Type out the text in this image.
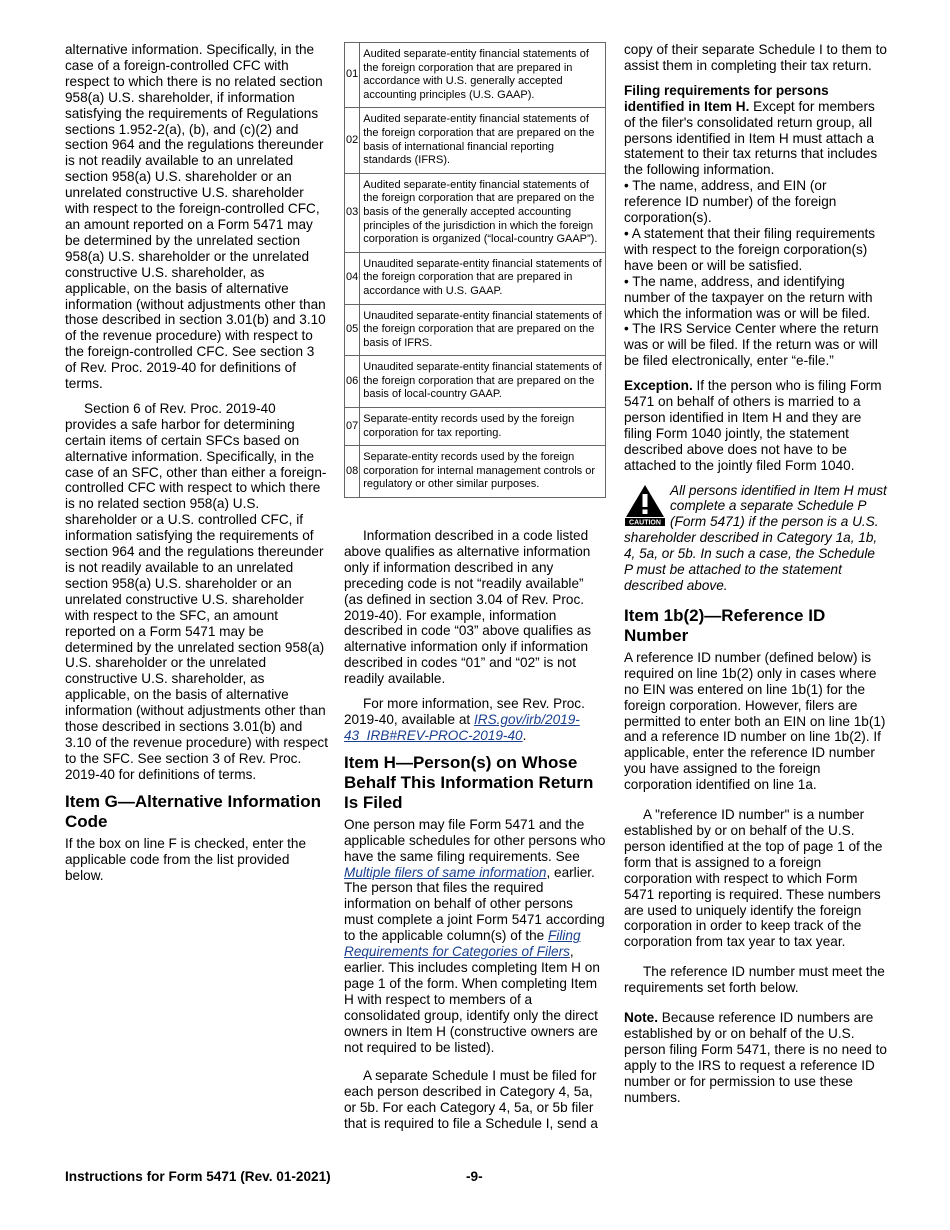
alternative information. Specifically, in the case of a foreign-controlled CFC with respect to which there is no related section 958(a) U.S. shareholder, if information satisfying the requirements of Regulations sections 1.952-2(a), (b), and (c)(2) and section 964 and the regulations thereunder is not readily available to an unrelated section 958(a) U.S. shareholder or an unrelated constructive U.S. shareholder with respect to the foreign-controlled CFC, an amount reported on a Form 5471 may be determined by the unrelated section 958(a) U.S. shareholder or the unrelated constructive U.S. shareholder, as applicable, on the basis of alternative information (without adjustments other than those described in section 3.01(b) and 3.10 of the revenue procedure) with respect to the foreign-controlled CFC. See section 3 of Rev. Proc. 2019-40 for definitions of terms.

Section 6 of Rev. Proc. 2019-40 provides a safe harbor for determining certain items of certain SFCs based on alternative information. Specifically, in the case of an SFC, other than either a foreign-controlled CFC with respect to which there is no related section 958(a) U.S. shareholder or a U.S. controlled CFC, if information satisfying the requirements of section 964 and the regulations thereunder is not readily available to an unrelated section 958(a) U.S. shareholder or an unrelated constructive U.S. shareholder with respect to the SFC, an amount reported on a Form 5471 may be determined by the unrelated section 958(a) U.S. shareholder or the unrelated constructive U.S. shareholder, as applicable, on the basis of alternative information (without adjustments other than those described in sections 3.01(b) and 3.10 of the revenue procedure) with respect to the SFC. See section 3 of Rev. Proc. 2019-40 for definitions of terms.

Item G—Alternative Information Code

If the box on line F is checked, enter the applicable code from the list provided below.

01	Audited separate-entity financial statements of the foreign corporation that are prepared in accordance with U.S. generally accepted accounting principles (U.S. GAAP).
02	Audited separate-entity financial statements of the foreign corporation that are prepared on the basis of international financial reporting standards (IFRS).
03	Audited separate-entity financial statements of the foreign corporation that are prepared on the basis of the generally accepted accounting principles of the jurisdiction in which the foreign corporation is organized (“local-country GAAP”).
04	Unaudited separate-entity financial statements of the foreign corporation that are prepared in accordance with U.S. GAAP.
05	Unaudited separate-entity financial statements of the foreign corporation that are prepared on the basis of IFRS.
06	Unaudited separate-entity financial statements of the foreign corporation that are prepared on the basis of local-country GAAP.
07	Separate-entity records used by the foreign corporation for tax reporting.
08	Separate-entity records used by the foreign corporation for internal management controls or regulatory or other similar purposes.

Information described in a code listed above qualifies as alternative information only if information described in any preceding code is not “readily available” (as defined in section 3.04 of Rev. Proc. 2019-40). For example, information described in code “03” above qualifies as alternative information only if information described in codes “01” and “02” is not readily available.

For more information, see Rev. Proc. 2019-40, available at IRS.gov/irb/2019-43_IRB#REV-PROC-2019-40.

Item H—Person(s) on Whose Behalf This Information Return Is Filed

One person may file Form 5471 and the applicable schedules for other persons who have the same filing requirements. See Multiple filers of same information, earlier. The person that files the required information on behalf of other persons must complete a joint Form 5471 according to the applicable column(s) of the Filing Requirements for Categories of Filers, earlier. This includes completing Item H on page 1 of the form. When completing Item H with respect to members of a consolidated group, identify only the direct owners in Item H (constructive owners are not required to be listed).

A separate Schedule I must be filed for each person described in Category 4, 5a, or 5b. For each Category 4, 5a, or 5b filer that is required to file a Schedule I, send a

copy of their separate Schedule I to them to assist them in completing their tax return.

Filing requirements for persons identified in Item H. Except for members of the filer's consolidated return group, all persons identified in Item H must attach a statement to their tax returns that includes the following information.

• The name, address, and EIN (or reference ID number) of the foreign corporation(s).

• A statement that their filing requirements with respect to the foreign corporation(s) have been or will be satisfied.

• The name, address, and identifying number of the taxpayer on the return with which the information was or will be filed.

• The IRS Service Center where the return was or will be filed. If the return was or will be filed electronically, enter “e-file.”

Exception. If the person who is filing Form 5471 on behalf of others is married to a person identified in Item H and they are filing Form 1040 jointly, the statement described above does not have to be attached to the jointly filed Form 1040.

CAUTION
All persons identified in Item H must complete a separate Schedule P (Form 5471) if the person is a U.S. shareholder described in Category 1a, 1b, 4, 5a, or 5b. In such a case, the Schedule P must be attached to the statement described above.
Item 1b(2)—Reference ID Number

A reference ID number (defined below) is required on line 1b(2) only in cases where no EIN was entered on line 1b(1) for the foreign corporation. However, filers are permitted to enter both an EIN on line 1b(1) and a reference ID number on line 1b(2). If applicable, enter the reference ID number you have assigned to the foreign corporation identified on line 1a.

A "reference ID number" is a number established by or on behalf of the U.S. person identified at the top of page 1 of the form that is assigned to a foreign corporation with respect to which Form 5471 reporting is required. These numbers are used to uniquely identify the foreign corporation in order to keep track of the corporation from tax year to tax year.

The reference ID number must meet the requirements set forth below.

Note. Because reference ID numbers are established by or on behalf of the U.S. person filing Form 5471, there is no need to apply to the IRS to request a reference ID number or for permission to use these numbers.

Instructions for Form 5471 (Rev. 01-2021)	-9-
